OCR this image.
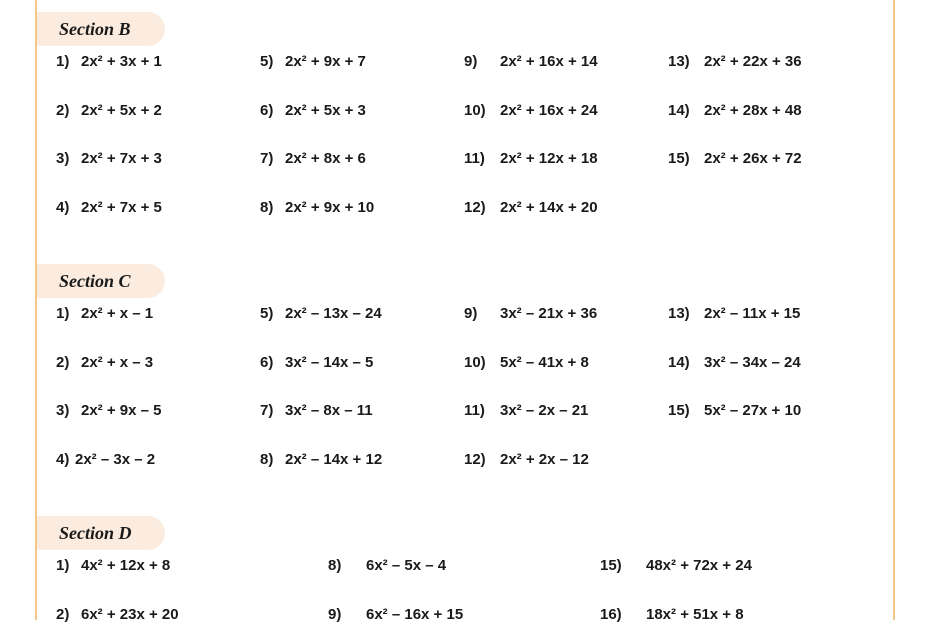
Section B
1) 2x² + 3x + 1
2) 2x² + 5x + 2
3) 2x² + 7x + 3
4) 2x² + 7x + 5
5) 2x² + 9x + 7
6) 2x² + 5x + 3
7) 2x² + 8x + 6
8) 2x² + 9x + 10
9) 2x² + 16x + 14
10) 2x² + 16x + 24
11) 2x² + 12x + 18
12) 2x² + 14x + 20
13) 2x² + 22x + 36
14) 2x² + 28x + 48
15) 2x² + 26x + 72
Section C
1) 2x² + x – 1
2) 2x² + x – 3
3) 2x² + 9x – 5
4) 2x² – 3x – 2
5) 2x² – 13x – 24
6) 3x² – 14x – 5
7) 3x² – 8x – 11
8) 2x² – 14x + 12
9) 3x² – 21x + 36
10) 5x² – 41x + 8
11) 3x² – 2x – 21
12) 2x² + 2x – 12
13) 2x² – 11x + 15
14) 3x² – 34x – 24
15) 5x² – 27x + 10
Section D
1) 4x² + 12x + 8
2) 6x² + 23x + 20
8) 6x² – 5x – 4
9) 6x² – 16x + 15
15) 48x² + 72x + 24
16) 18x² + 51x + 8
